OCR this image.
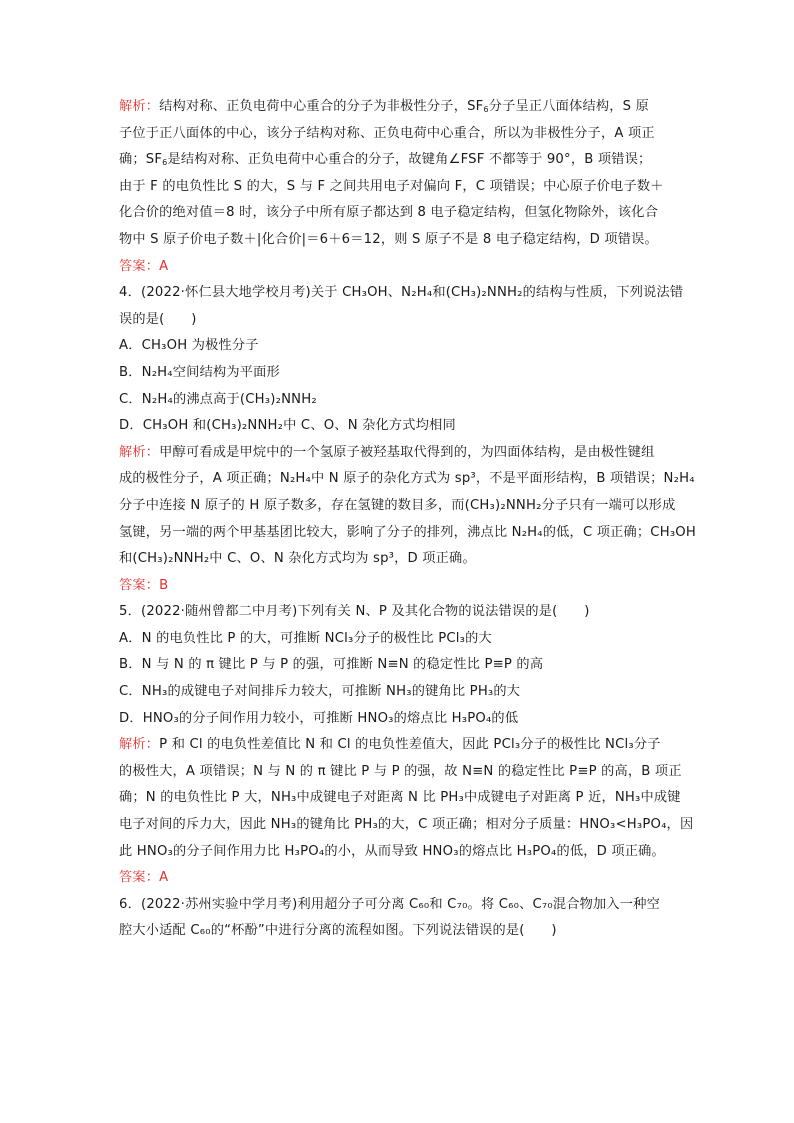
解析：结构对称、正负电荷中心重合的分子为非极性分子，$SF_6$分子呈正八面体结构，S 原
子位于正八面体的中心，该分子结构对称、正负电荷中心重合，所以为非极性分子，A 项正
确；$SF_6$是结构对称、正负电荷中心重合的分子，故键角∠FSF 不都等于 90°，B 项错误；
由于 F 的电负性比 S 的大，S 与 F 之间共用电子对偏向 F，C 项错误；中心原子价电子数＋
化合价的绝对值＝8 时，该分子中所有原子都达到 8 电子稳定结构，但氢化物除外，该化合
物中 S 原子价电子数＋|化合价|＝6＋6＝12，则 S 原子不是 8 电子稳定结构，D 项错误。
答案：A
4．(2022·怀仁县大地学校月考)关于 CH₃OH、N₂H₄和(CH₃)₂NNH₂的结构与性质，下列说法错
误的是(　　)
A．CH₃OH 为极性分子
B．N₂H₄空间结构为平面形
C．N₂H₄的沸点高于(CH₃)₂NNH₂
D．CH₃OH 和(CH₃)₂NNH₂中 C、O、N 杂化方式均相同
解析：甲醇可看成是甲烷中的一个氢原子被羟基取代得到的，为四面体结构，是由极性键组
成的极性分子，A 项正确；N₂H₄中 N 原子的杂化方式为 sp³，不是平面形结构，B 项错误；N₂H₄
分子中连接 N 原子的 H 原子数多，存在氢键的数目多，而(CH₃)₂NNH₂分子只有一端可以形成
氢键，另一端的两个甲基基团比较大，影响了分子的排列，沸点比 N₂H₄的低，C 项正确；CH₃OH
和(CH₃)₂NNH₂中 C、O、N 杂化方式均为 sp³，D 项正确。
答案：B
5．(2022·随州曾都二中月考)下列有关 N、P 及其化合物的说法错误的是(　　)
A．N 的电负性比 P 的大，可推断 NCl₃分子的极性比 PCl₃的大
B．N 与 N 的 π 键比 P 与 P 的强，可推断 N≡N 的稳定性比 P≡P 的高
C．NH₃的成键电子对间排斥力较大，可推断 NH₃的键角比 PH₃的大
D．HNO₃的分子间作用力较小，可推断 HNO₃的熔点比 H₃PO₄的低
解析：P 和 Cl 的电负性差值比 N 和 Cl 的电负性差值大，因此 PCl₃分子的极性比 NCl₃分子
的极性大，A 项错误；N 与 N 的 π 键比 P 与 P 的强，故 N≡N 的稳定性比 P≡P 的高，B 项正
确；N 的电负性比 P 大，NH₃中成键电子对距离 N 比 PH₃中成键电子对距离 P 近，NH₃中成键
电子对间的斥力大，因此 NH₃的键角比 PH₃的大，C 项正确；相对分子质量：HNO₃<H₃PO₄，因
此 HNO₃的分子间作用力比 H₃PO₄的小，从而导致 HNO₃的熔点比 H₃PO₄的低，D 项正确。
答案：A
6．(2022·苏州实验中学月考)利用超分子可分离 C₆₀和 C₇₀。将 C₆₀、C₇₀混合物加入一种空
腔大小适配 C₆₀的“杯酚”中进行分离的流程如图。下列说法错误的是(　　)
